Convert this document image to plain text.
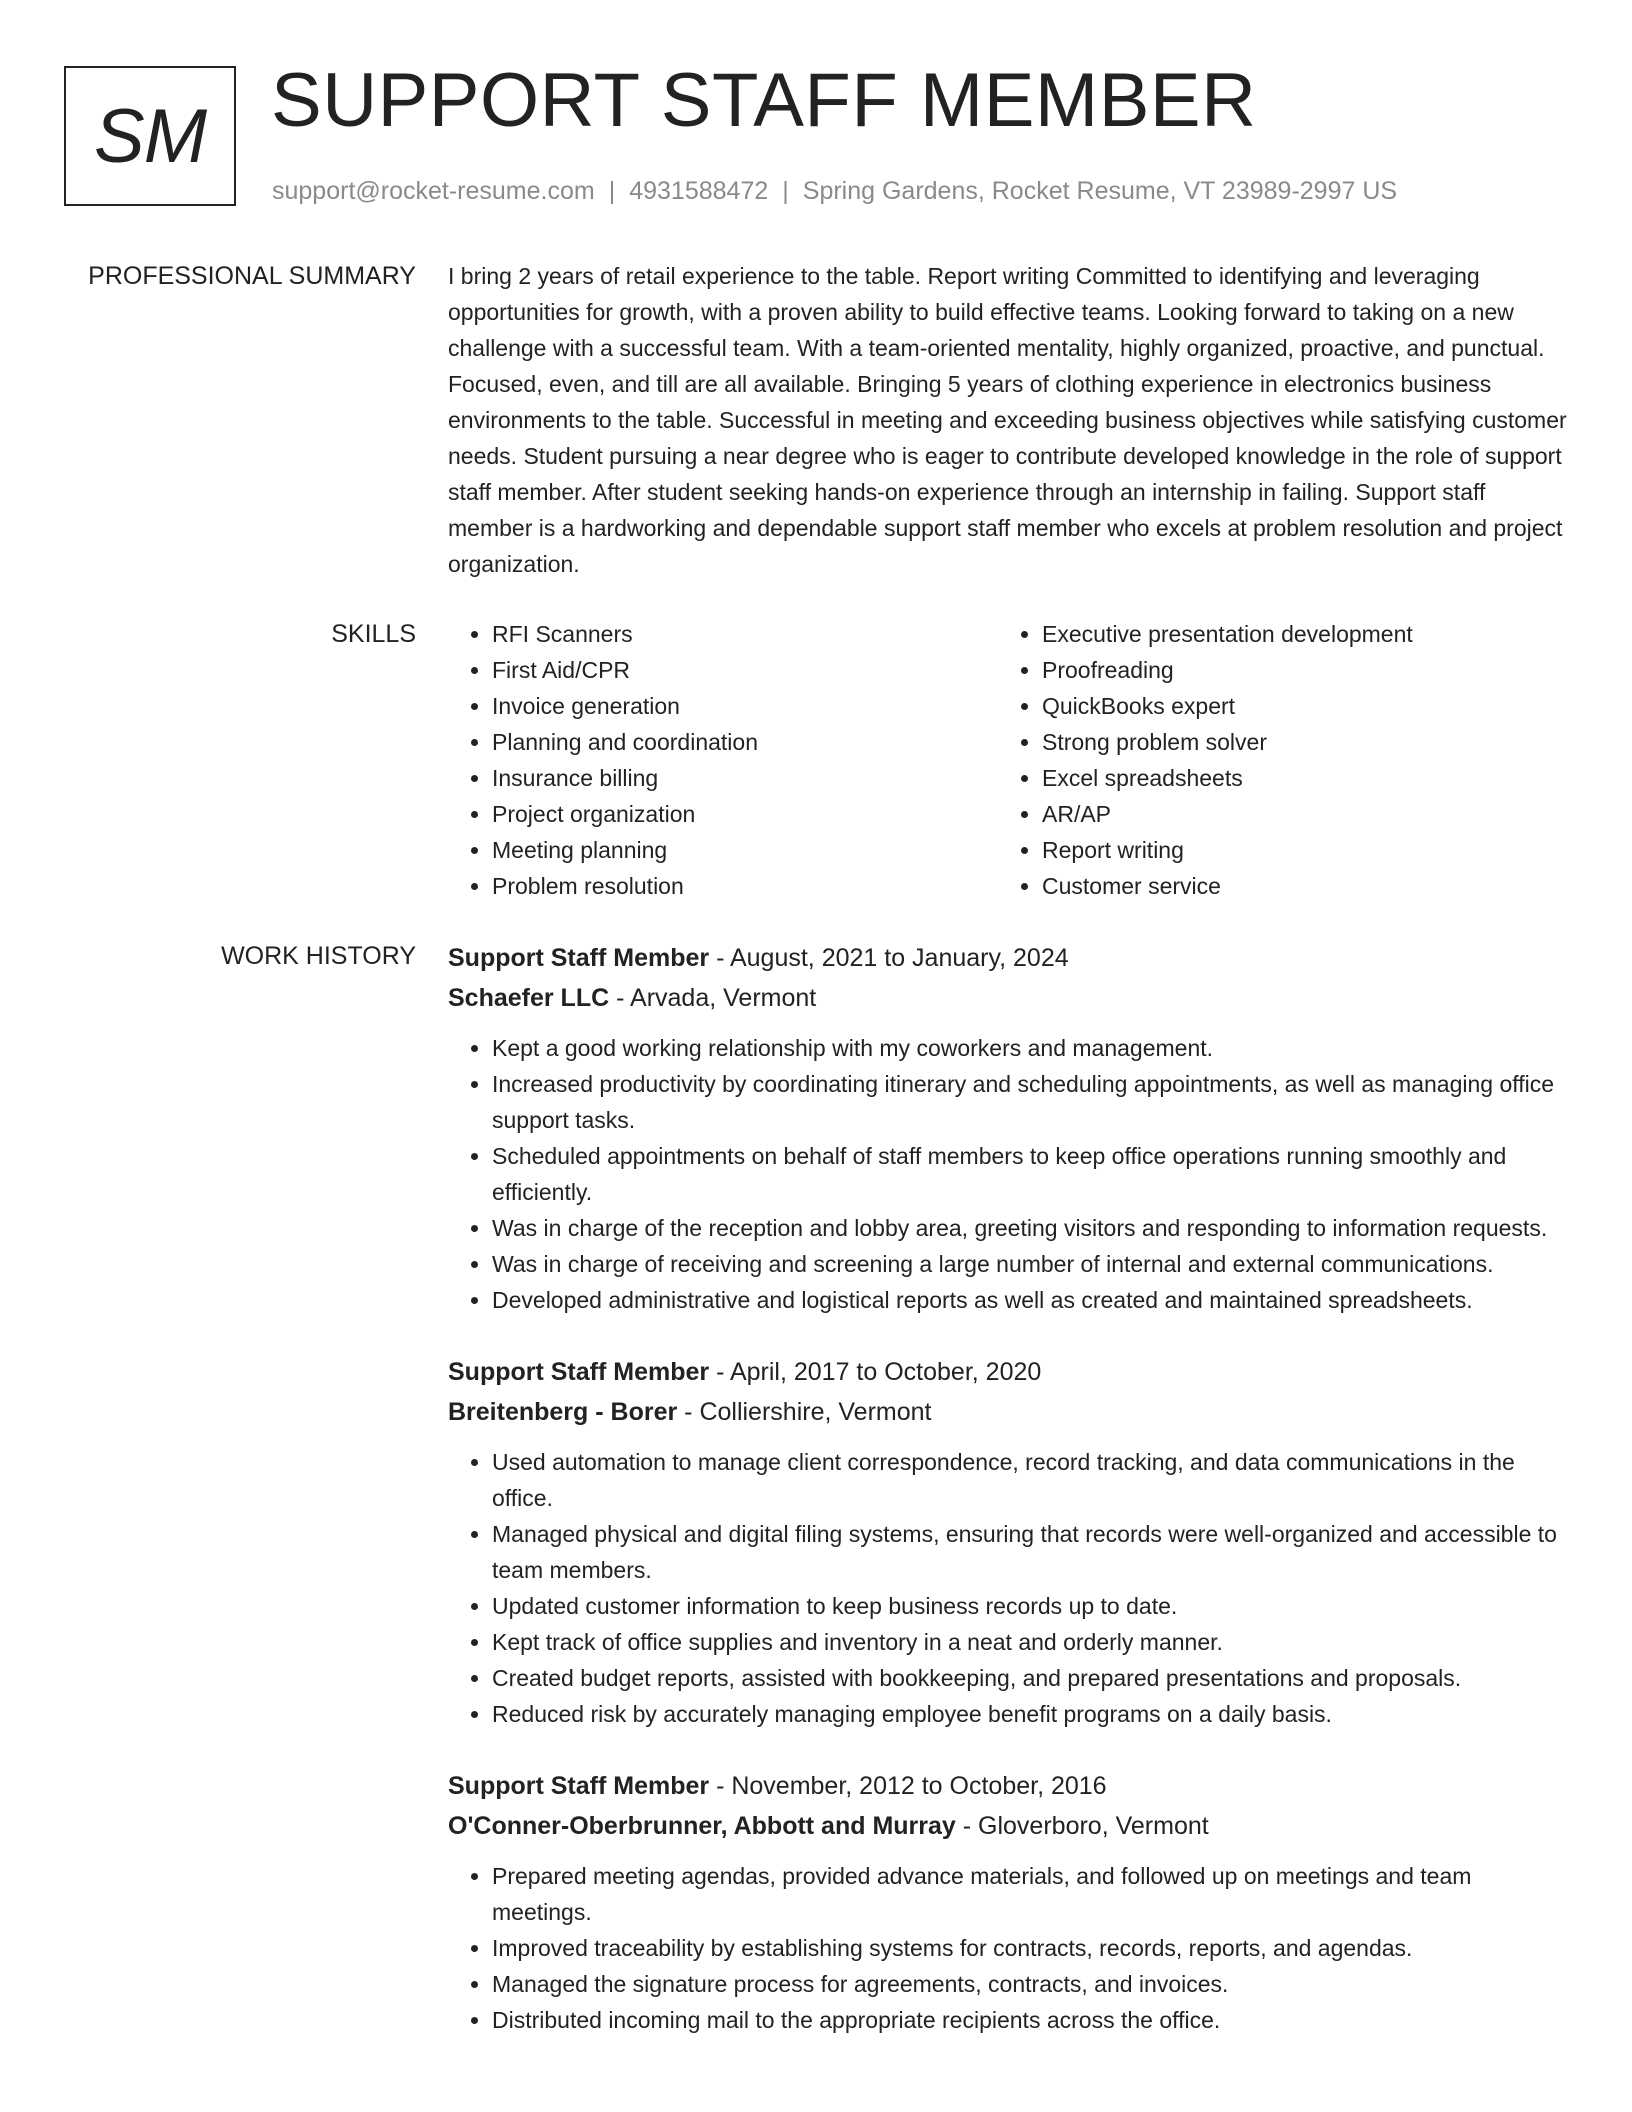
SM SUPPORT STAFF MEMBER
support@rocket-resume.com | 4931588472 | Spring Gardens, Rocket Resume, VT 23989-2997 US
PROFESSIONAL SUMMARY I bring 2 years of retail experience to the table. Report writing Committed to identifying and leveraging opportunities for growth, with a proven ability to build effective teams. Looking forward to taking on a new challenge with a successful team. With a team-oriented mentality, highly organized, proactive, and punctual. Focused, even, and till are all available. Bringing 5 years of clothing experience in electronics business environments to the table. Successful in meeting and exceeding business objectives while satisfying customer needs. Student pursuing a near degree who is eager to contribute developed knowledge in the role of support staff member. After student seeking hands-on experience through an internship in failing. Support staff member is a hardworking and dependable support staff member who excels at problem resolution and project organization.

SKILLS
•	RFI Scanners
• First Aid/CPR
• Invoice generation
• Planning and coordination
• Insurance billing
• Project organization
• Meeting planning
• Problem resolution
• Executive presentation development
• Proofreading
• QuickBooks expert
• Strong problem solver
• Excel spreadsheets
• AR/AP
• Report writing
• Customer service
WORK HISTORY Support Staff Member - August, 2021 to January, 2024
Schaefer LLC - Arvada, Vermont
• Kept a good working relationship with my coworkers and management.
• Increased productivity by coordinating itinerary and scheduling appointments, as well as managing office support tasks.
• Scheduled appointments on behalf of staff members to keep office operations running smoothly and efficiently.
• Was in charge of the reception and lobby area, greeting visitors and responding to information requests.
• Was in charge of receiving and screening a large number of internal and external communications.
• Developed administrative and logistical reports as well as created and maintained spreadsheets.
Support Staff Member - April, 2017 to October, 2020
Breitenberg - Borer - Colliershire, Vermont
• Used automation to manage client correspondence, record tracking, and data communications in the office.
• Managed physical and digital filing systems, ensuring that records were well-organized and accessible to team members.
• Updated customer information to keep business records up to date.
• Kept track of office supplies and inventory in a neat and orderly manner.
• Created budget reports, assisted with bookkeeping, and prepared presentations and proposals.
• Reduced risk by accurately managing employee benefit programs on a daily basis.
Support Staff Member - November, 2012 to October, 2016
O'Conner-Oberbrunner, Abbott and Murray - Gloverboro, Vermont
• Prepared meeting agendas, provided advance materials, and followed up on meetings and team meetings.
• Improved traceability by establishing systems for contracts, records, reports, and agendas.
• Managed the signature process for agreements, contracts, and invoices.
• Distributed incoming mail to the appropriate recipients across the office.
